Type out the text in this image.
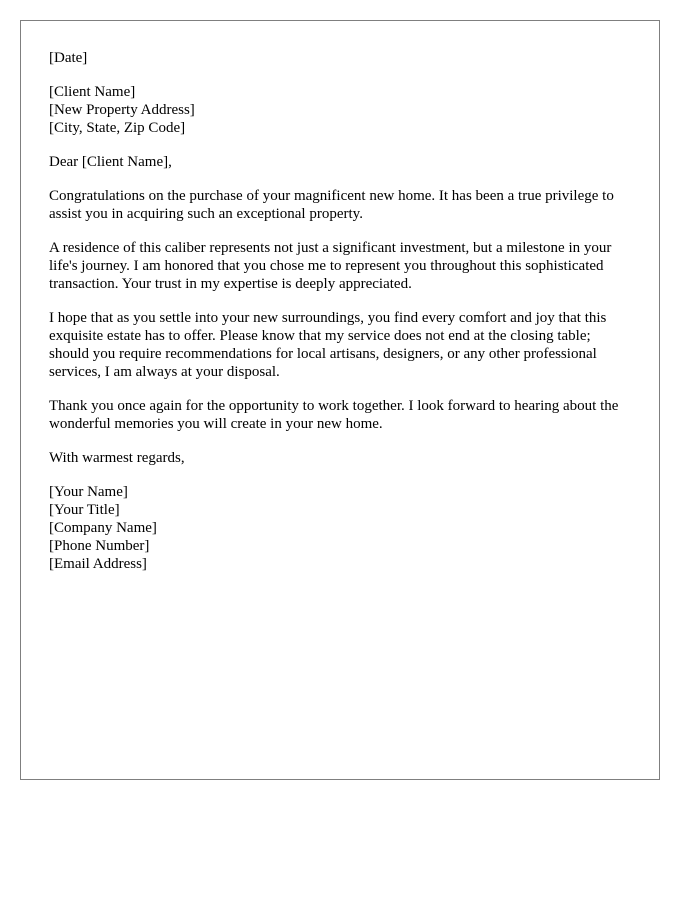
[Date]
[Client Name]
[New Property Address]
[City, State, Zip Code]
Dear [Client Name],

Congratulations on the purchase of your magnificent new home. It has been a true privilege to assist you in acquiring such an exceptional property.

A residence of this caliber represents not just a significant investment, but a milestone in your life's journey. I am honored that you chose me to represent you throughout this sophisticated transaction. Your trust in my expertise is deeply appreciated.

I hope that as you settle into your new surroundings, you find every comfort and joy that this exquisite estate has to offer. Please know that my service does not end at the closing table; should you require recommendations for local artisans, designers, or any other professional services, I am always at your disposal.

Thank you once again for the opportunity to work together. I look forward to hearing about the wonderful memories you will create in your new home.

With warmest regards,
[Your Name]
[Your Title]
[Company Name]
[Phone Number]
[Email Address]
